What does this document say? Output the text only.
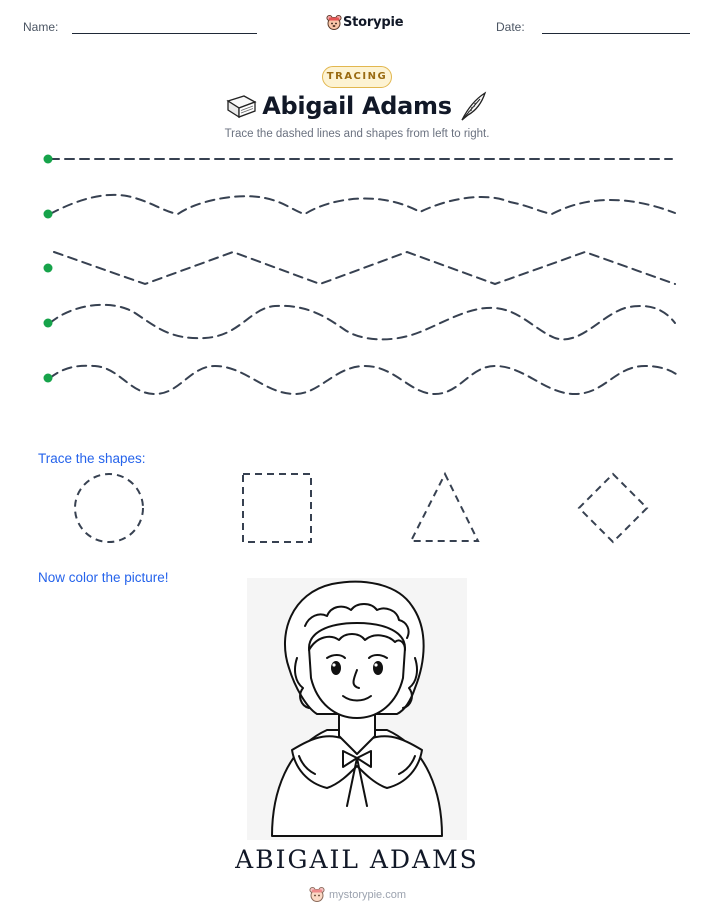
Name:	Storypie	Date:
TRACING
Abigail Adams
Trace the dashed lines and shapes from left to right.
Trace the shapes:
Now color the picture!
ABIGAIL ADAMS
mystorypie.com
